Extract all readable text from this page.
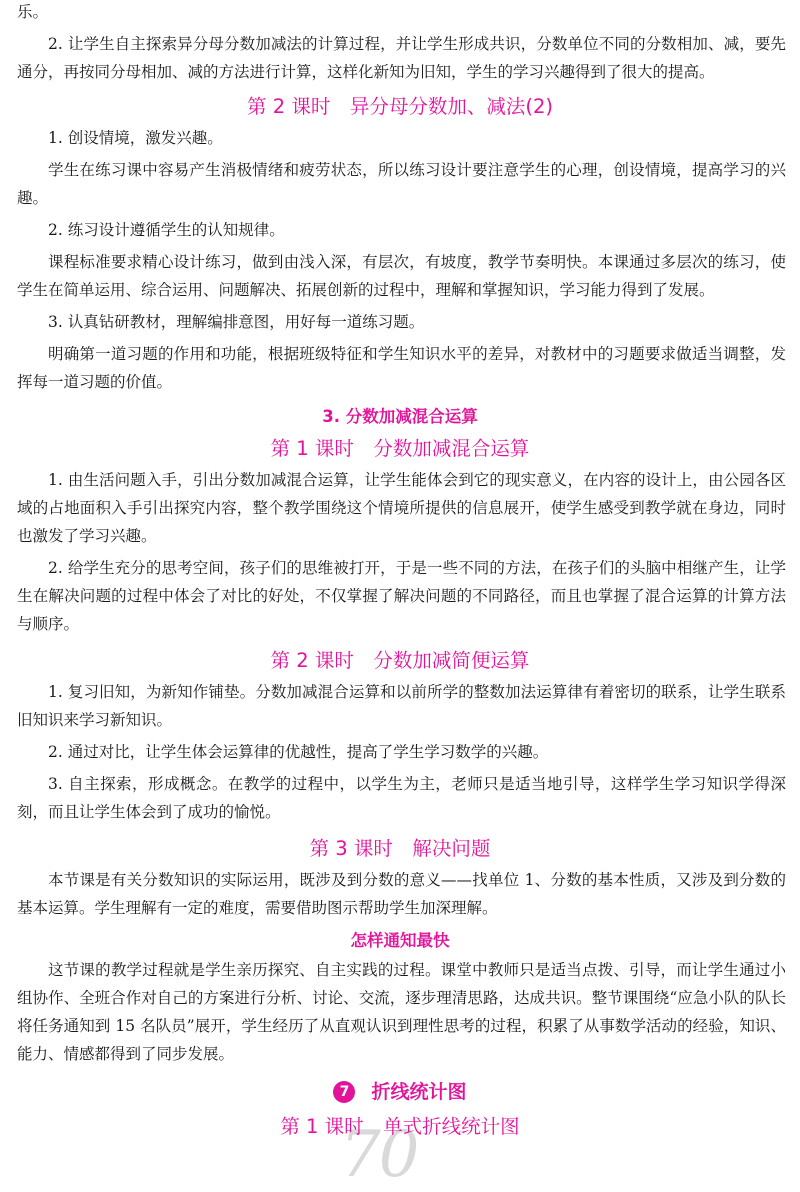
70

乐。

2. 让学生自主探索异分母分数加减法的计算过程，并让学生形成共识，分数单位不同的分数相加、减，要先通分，再按同分母相加、减的方法进行计算，这样化新知为旧知，学生的学习兴趣得到了很大的提高。

第 2 课时　异分母分数加、减法(2)

1. 创设情境，激发兴趣。

学生在练习课中容易产生消极情绪和疲劳状态，所以练习设计要注意学生的心理，创设情境，提高学习的兴趣。

2. 练习设计遵循学生的认知规律。

课程标准要求精心设计练习，做到由浅入深，有层次，有坡度，教学节奏明快。本课通过多层次的练习，使学生在简单运用、综合运用、问题解决、拓展创新的过程中，理解和掌握知识，学习能力得到了发展。

3. 认真钻研教材，理解编排意图，用好每一道练习题。

明确第一道习题的作用和功能，根据班级特征和学生知识水平的差异，对教材中的习题要求做适当调整，发挥每一道习题的价值。

3. 分数加减混合运算
第 1 课时　分数加减混合运算

1. 由生活问题入手，引出分数加减混合运算，让学生能体会到它的现实意义，在内容的设计上，由公园各区域的占地面积入手引出探究内容，整个教学围绕这个情境所提供的信息展开，使学生感受到教学就在身边，同时也激发了学习兴趣。

2. 给学生充分的思考空间，孩子们的思维被打开，于是一些不同的方法，在孩子们的头脑中相继产生，让学生在解决问题的过程中体会了对比的好处，不仅掌握了解决问题的不同路径，而且也掌握了混合运算的计算方法与顺序。

第 2 课时　分数加减简便运算

1. 复习旧知，为新知作铺垫。分数加减混合运算和以前所学的整数加法运算律有着密切的联系，让学生联系旧知识来学习新知识。

2. 通过对比，让学生体会运算律的优越性，提高了学生学习数学的兴趣。

3. 自主探索，形成概念。在教学的过程中，以学生为主，老师只是适当地引导，这样学生学习知识学得深刻，而且让学生体会到了成功的愉悦。

第 3 课时　解决问题

本节课是有关分数知识的实际运用，既涉及到分数的意义——找单位 1、分数的基本性质，又涉及到分数的基本运算。学生理解有一定的难度，需要借助图示帮助学生加深理解。

怎样通知最快

这节课的教学过程就是学生亲历探究、自主实践的过程。课堂中教师只是适当点拨、引导，而让学生通过小组协作、全班合作对自己的方案进行分析、讨论、交流，逐步理清思路，达成共识。整节课围绕“应急小队的队长将任务通知到 15 名队员”展开，学生经历了从直观认识到理性思考的过程，积累了从事数学活动的经验，知识、能力、情感都得到了同步发展。

7 折线统计图
第 1 课时　单式折线统计图
